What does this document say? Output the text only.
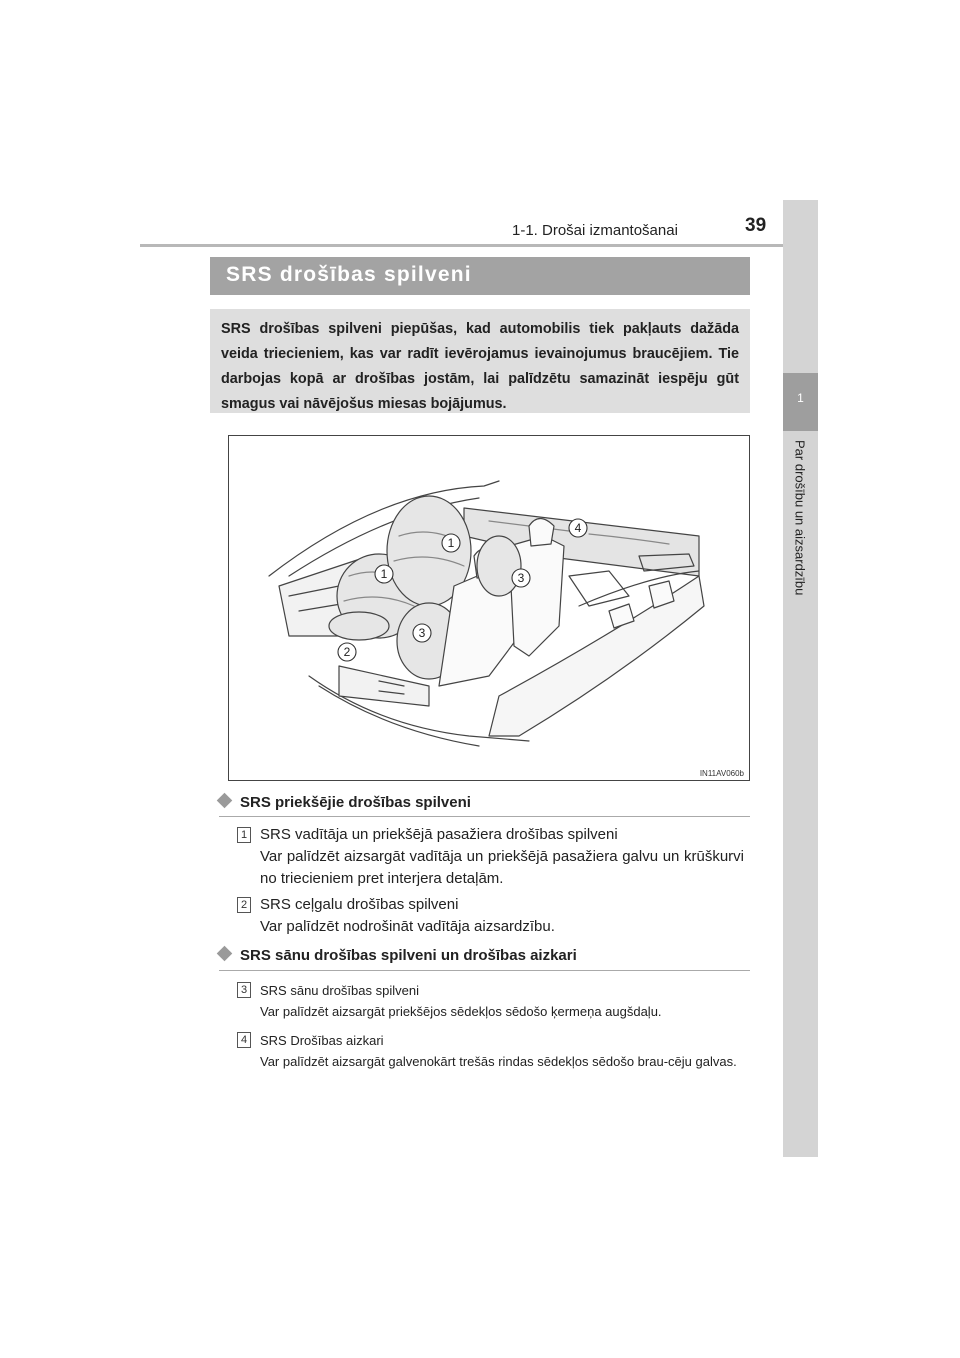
1-1. Drošai izmantošanai	39
1
Par drošību un aizsardzību
SRS drošības spilveni

SRS drošības spilveni piepūšas, kad automobilis tiek pakļauts dažāda veida triecieniem, kas var radīt ievērojamus ievainojumus braucējiem. Tie darbojas kopā ar drošības jostām, lai palīdzētu samazināt iespēju gūt smagus vai nāvējošus miesas bojājumus.

1
1
2
3
3
4
IN11AV060b
SRS priekšējie drošības spilveni
1 SRS vadītāja un priekšējā pasažiera drošības spilveni
Var palīdzēt aizsargāt vadītāja un priekšējā pasažiera galvu un krūškurvi no triecieniem pret interjera detaļām.
2 SRS ceļgalu drošības spilveni
Var palīdzēt nodrošināt vadītāja aizsardzību.
SRS sānu drošības spilveni un drošības aizkari
3 SRS sānu drošības spilveni
Var palīdzēt aizsargāt priekšējos sēdekļos sēdošo ķermeņa augšdaļu.
4 SRS Drošības aizkari
Var palīdzēt aizsargāt galvenokārt trešās rindas sēdekļos sēdošo brau-cēju galvas.
